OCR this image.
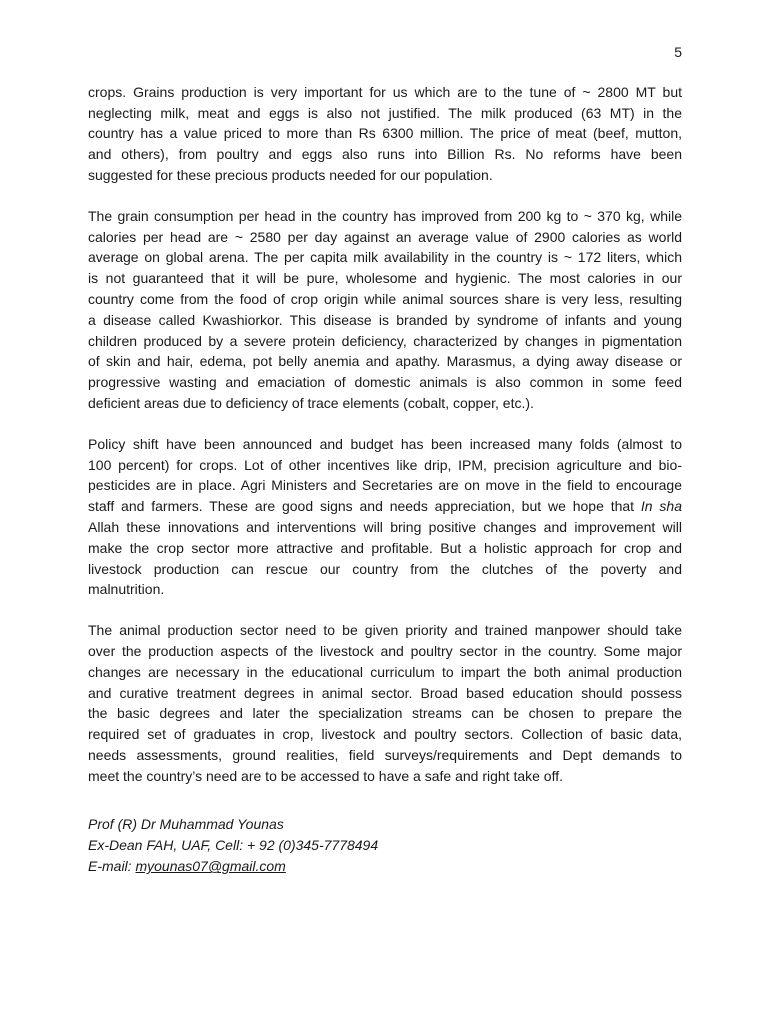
5
crops. Grains production is very important for us which are to the tune of ~ 2800 MT but
neglecting milk, meat and eggs is also not justified. The milk produced (63 MT) in the
country has a value priced to more than Rs 6300 million. The price of meat (beef, mutton,
and others), from poultry and eggs also runs into Billion Rs. No reforms have been
suggested for these precious products needed for our population.
The grain consumption per head in the country has improved from 200 kg to ~ 370 kg, while
calories per head are ~ 2580 per day against an average value of 2900 calories as world
average on global arena. The per capita milk availability in the country is ~ 172 liters, which
is not guaranteed that it will be pure, wholesome and hygienic. The most calories in our
country come from the food of crop origin while animal sources share is very less, resulting
a disease called Kwashiorkor. This disease is branded by syndrome of infants and young
children produced by a severe protein deficiency, characterized by changes in pigmentation
of skin and hair, edema, pot belly anemia and apathy. Marasmus, a dying away disease or
progressive wasting and emaciation of domestic animals is also common in some feed
deficient areas due to deficiency of trace elements (cobalt, copper, etc.).
Policy shift have been announced and budget has been increased many folds (almost to
100 percent) for crops. Lot of other incentives like drip, IPM, precision agriculture and bio-
pesticides are in place. Agri Ministers and Secretaries are on move in the field to encourage
staff and farmers. These are good signs and needs appreciation, but we hope that In sha
Allah these innovations and interventions will bring positive changes and improvement will
make the crop sector more attractive and profitable. But a holistic approach for crop and
livestock production can rescue our country from the clutches of the poverty and
malnutrition.
The animal production sector need to be given priority and trained manpower should take
over the production aspects of the livestock and poultry sector in the country. Some major
changes are necessary in the educational curriculum to impart the both animal production
and curative treatment degrees in animal sector. Broad based education should possess
the basic degrees and later the specialization streams can be chosen to prepare the
required set of graduates in crop, livestock and poultry sectors. Collection of basic data,
needs assessments, ground realities, field surveys/requirements and Dept demands to
meet the country’s need are to be accessed to have a safe and right take off.
Prof (R) Dr Muhammad Younas
Ex-Dean FAH, UAF, Cell: + 92 (0)345-7778494
E-mail: myounas07@gmail.com
